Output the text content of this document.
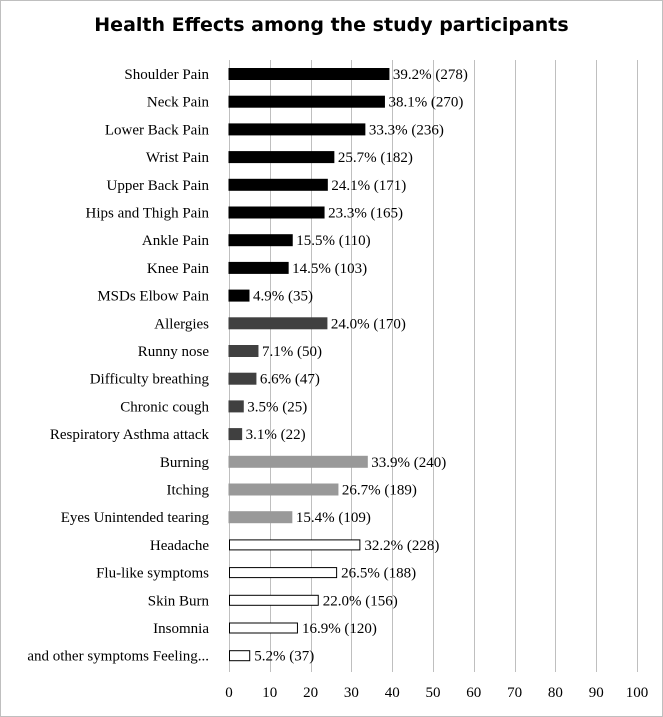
Health Effects among the study participants
0 10 20 30 40 50 60 70 80 90 100
Shoulder Pain	39.2% (278)
Neck Pain	38.1% (270)
Lower Back Pain	33.3% (236)
Wrist Pain	25.7% (182)
Upper Back Pain	24.1% (171)
Hips and Thigh Pain	23.3% (165)
Ankle Pain	15.5% (110)
Knee Pain	14.5% (103)
MSDs Elbow Pain	4.9% (35)
Allergies	24.0% (170)
Runny nose	7.1% (50)
Difficulty breathing	6.6% (47)
Chronic cough	3.5% (25)
Respiratory Asthma attack 3.1% (22)
Burning	33.9% (240)
Itching	26.7% (189)
Eyes Unintended tearing	15.4% (109)
Headache	32.2% (228)
Flu-like symptoms	26.5% (188)
Skin Burn	22.0% (156)
Insomnia	16.9% (120)
and other symptoms Feeling...	5.2% (37)
